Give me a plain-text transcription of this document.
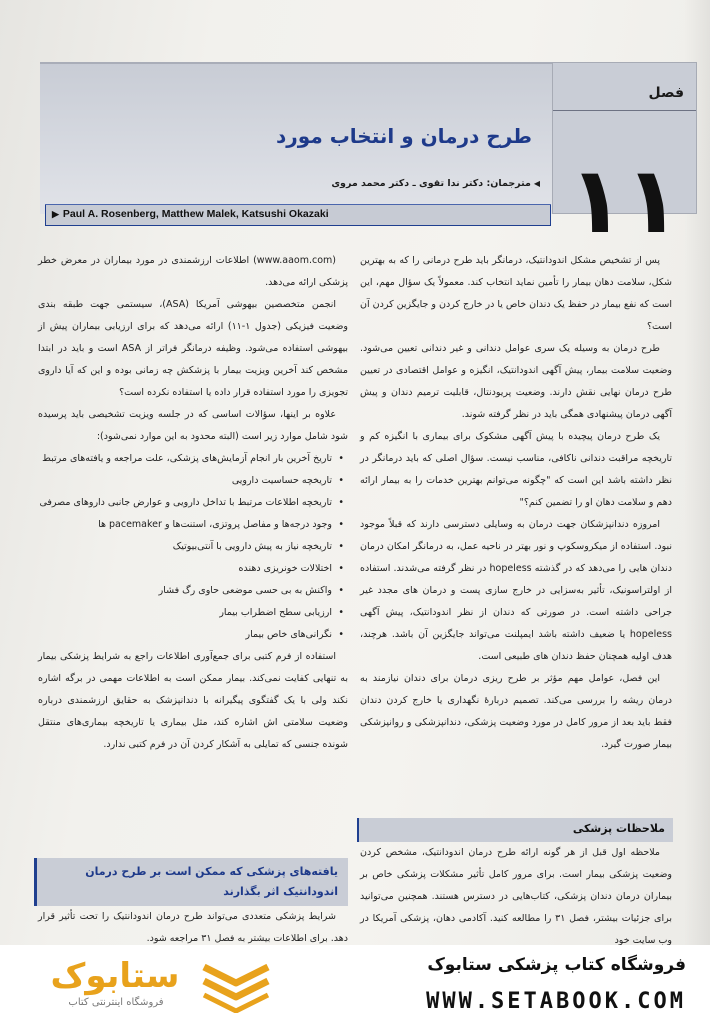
فصل
۱۱
طرح درمان و انتخاب مورد
◀مترجمان: دکتر ندا تقوی ـ دکتر محمد مروی
▶ Paul A. Rosenberg, Matthew Malek, Katsushi Okazaki

پس از تشخیص مشکل اندودانتیک، درمانگر باید طرح درمانی را که به بهترین شکل، سلامت دهان بیمار را تأمین نماید انتخاب کند. معمولاً یک سؤال مهم، این است که نفع بیمار در حفظ یک دندان خاص یا در خارج کردن و جایگزین کردن آن است؟

طرح درمان به وسیله یک سری عوامل دندانی و غیر دندانی تعیین می‌شود. وضعیت سلامت بیمار، پیش آگهی اندودانتیک، انگیزه و عوامل اقتصادی در تعیین طرح درمان نهایی نقش دارند. وضعیت پریودنتال، قابلیت ترمیم دندان و پیش آگهی درمان پیشنهادی همگی باید در نظر گرفته شوند.

یک طرح درمان پیچیده با پیش آگهی مشکوک برای بیماری با انگیزه کم و تاریخچه مراقبت دندانی ناکافی، مناسب نیست. سؤال اصلی که باید درمانگر در نظر داشته باشد این است که "چگونه می‌توانم بهترین خدمات را به بیمار ارائه دهم و سلامت دهان او را تضمین کنم؟"

امروزه دندانپزشکان جهت درمان به وسایلی دسترسی دارند که قبلاً موجود نبود. استفاده از میکروسکوپ و نور بهتر در ناحیه عمل، به درمانگر امکان درمان دندان هایی را می‌دهد که در گذشته hopeless در نظر گرفته می‌شدند. استفاده از اولتراسونیک، تأثیر به‌سزایی در خارج سازی پست و درمان های مجدد غیر جراحی داشته است. در صورتی که دندان از نظر اندودانتیک، پیش آگهی hopeless یا ضعیف داشته باشد ایمپلنت می‌تواند جایگزین آن باشد. هرچند، هدف اولیه همچنان حفظ دندان های طبیعی است.

این فصل، عوامل مهم مؤثر بر طرح ریزی درمان برای دندان نیازمند به درمان ریشه را بررسی می‌کند. تصمیم دربارهٔ نگهداری یا خارج کردن دندان فقط باید بعد از مرور کامل در مورد وضعیت پزشکی، دندانپزشکی و روانپزشکی بیمار صورت گیرد.

ملاحظات پزشکی

ملاحظه اول قبل از هر گونه ارائه طرح درمان اندودانتیک، مشخص کردن وضعیت پزشکی بیمار است. برای مرور کامل تأثیر مشکلات پزشکی خاص بر بیماران درمان دندان پزشکی، کتاب‌هایی در دسترس هستند. همچنین می‌توانید برای جزئیات بیشتر، فصل ۳۱ را مطالعه کنید. آکادمی دهان، پزشکی آمریکا در وب سایت خود

(www.aaom.com) اطلاعات ارزشمندی در مورد بیماران در معرض خطر پزشکی ارائه می‌دهد.

انجمن متخصصین بیهوشی آمریکا (ASA)، سیستمی جهت طبقه بندی وضعیت فیزیکی (جدول ۱-۱۱) ارائه می‌دهد که برای ارزیابی بیماران پیش از بیهوشی استفاده می‌شود. وظیفه درمانگر فراتر از ASA است و باید در ابتدا مشخص کند آخرین ویزیت بیمار با پزشکش چه زمانی بوده و این که آیا داروی تجویزی را مورد استفاده قرار داده یا استفاده نکرده است؟

علاوه بر اینها، سؤالات اساسی که در جلسه ویزیت تشخیصی باید پرسیده شود شامل موارد زیر است (البته محدود به این موارد نمی‌شود):

• تاریخ آخرین بار انجام آزمایش‌های پزشکی، علت مراجعه و یافته‌های مرتبط
• تاریخچه حساسیت دارویی
• تاریخچه اطلاعات مرتبط با تداخل دارویی و عوارض جانبی داروهای مصرفی
• وجود درجه‌ها و مفاصل پروتزی، استنت‌ها و pacemaker ها
• تاریخچه نیاز به پیش دارویی با آنتی‌بیوتیک
• اختلالات خونریزی دهنده
• واکنش به بی حسی موضعی حاوی رگ فشار
• ارزیابی سطح اضطراب بیمار
• نگرانی‌های خاص بیمار

استفاده از فرم کتبی برای جمع‌آوری اطلاعات راجع به شرایط پزشکی بیمار به تنهایی کفایت نمی‌کند. بیمار ممکن است به اطلاعات مهمی در برگه اشاره نکند ولی با یک گفتگوی پیگیرانه با دندانپزشک به حقایق ارزشمندی درباره وضعیت سلامتی اش اشاره کند، مثل بیماری یا تاریخچه بیماری‌های منتقل شونده جنسی که تمایلی به آشکار کردن آن در فرم کتبی ندارد.

یافته‌های پزشکی که ممکن است بر طرح درمان اندودانتیک اثر بگذارند

شرایط پزشکی متعددی می‌تواند طرح درمان اندودانتیک را تحت تأثیر قرار دهد. برای اطلاعات بیشتر به فصل ۳۱ مراجعه شود.

فروشگاه کتاب پزشکی ستابوک
WWW.SETABOOK.COM
ستابوک
فروشگاه اینترنتی کتاب
